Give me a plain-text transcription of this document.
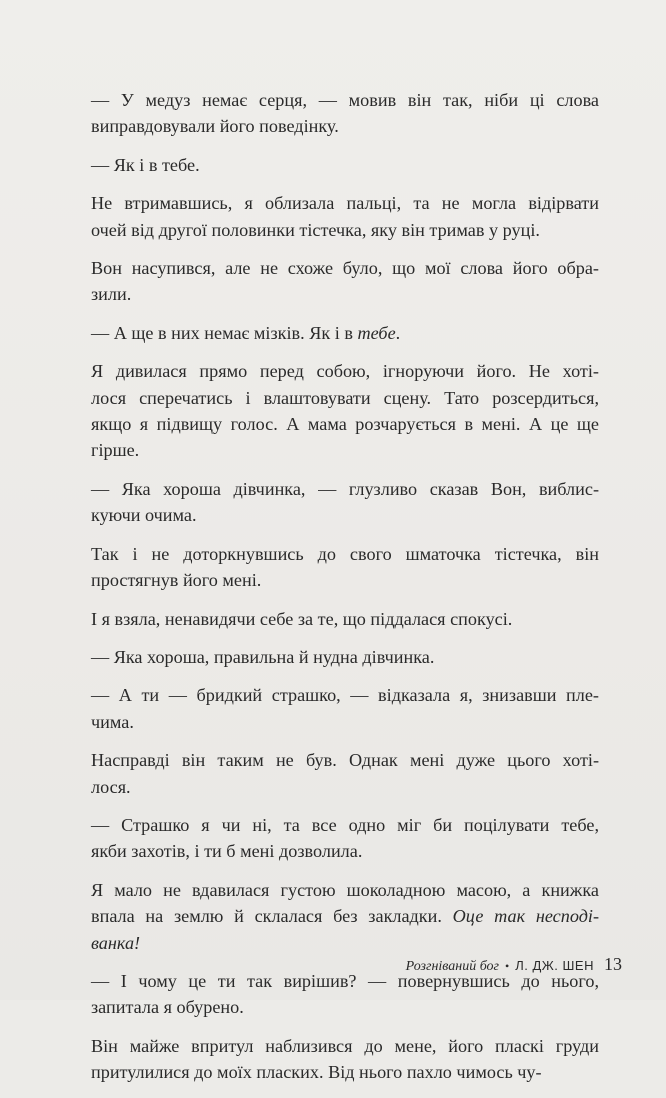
— У медуз немає серця, — мовив він так, ніби ці слова
виправдовували його поведінку.
— Як і в тебе.
Не втримавшись, я облизала пальці, та не могла відірвати
очей від другої половинки тістечка, яку він тримав у руці.
Вон насупився, але не схоже було, що мої слова його обра-
зили.
— А ще в них немає мізків. Як і в тебе.
Я дивилася прямо перед собою, ігноруючи його. Не хоті-
лося сперечатись і влаштовувати сцену. Тато розсердиться,
якщо я підвищу голос. А мама розчарується в мені. А це ще
гірше.
— Яка хороша дівчинка, — глузливо сказав Вон, виблис-
куючи очима.
Так і не доторкнувшись до свого шматочка тістечка, він
простягнув його мені.
І я взяла, ненавидячи себе за те, що піддалася спокусі.
— Яка хороша, правильна й нудна дівчинка.
— А ти — бридкий страшко, — відказала я, знизавши пле-
чима.
Насправді він таким не був. Однак мені дуже цього хоті-
лося.
— Страшко я чи ні, та все одно міг би поцілувати тебе,
якби захотів, і ти б мені дозволила.
Я мало не вдавилася густою шоколадною масою, а книжка
впала на землю й склалася без закладки. Оце так несподі-
ванка!
— І чому це ти так вирішив? — повернувшись до нього,
запитала я обурено.
Він майже впритул наблизився до мене, його пласкі груди
притулилися до моїх пласких. Від нього пахло чимось чу-
Розгніваний бог • Л. ДЖ. ШЕН 13
